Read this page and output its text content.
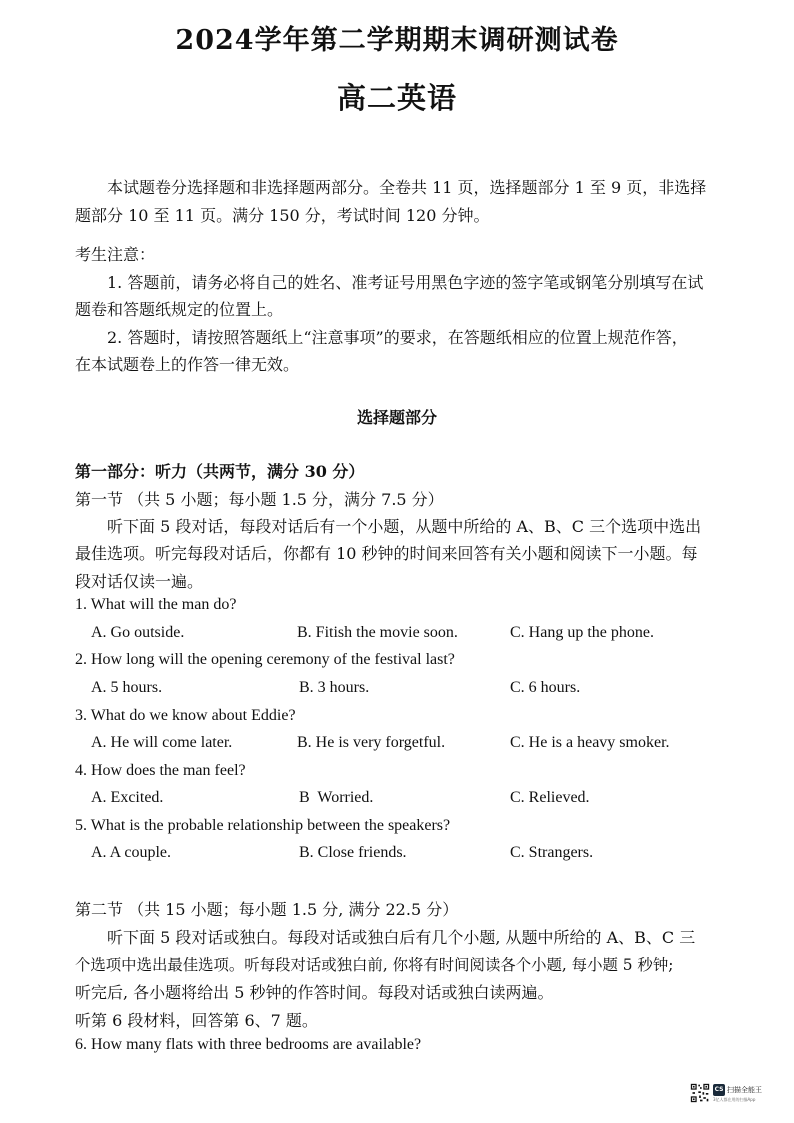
2024学年第二学期期末调研测试卷
高二英语
本试题卷分选择题和非选择题两部分。全卷共 11 页，选择题部分 1 至 9 页，非选择
题部分 10 至 11 页。满分 150 分，考试时间 120 分钟。
考生注意：
1. 答题前，请务必将自己的姓名、准考证号用黑色字迹的签字笔或钢笔分别填写在试
题卷和答题纸规定的位置上。
2. 答题时，请按照答题纸上“注意事项”的要求，在答题纸相应的位置上规范作答，
在本试题卷上的作答一律无效。
选择题部分
第一部分：听力（共两节，满分 30 分）
第一节 （共 5 小题；每小题 1.5 分，满分 7.5 分）
听下面 5 段对话，每段对话后有一个小题，从题中所给的 A、B、C 三个选项中选出
最佳选项。听完每段对话后，你都有 10 秒钟的时间来回答有关小题和阅读下一小题。每
段对话仅读一遍。
1. What will the man do?
A. Go outside.	B. Fitish the movie soon.	C. Hang up the phone.
2. How long will the opening ceremony of the festival last?
A. 5 hours.	B. 3 hours.	C. 6 hours.
3. What do we know about Eddie?
A. He will come later.	B. He is very forgetful.	C. He is a heavy smoker.
4. How does the man feel?
A. Excited.	B  Worried.	C. Relieved.
5. What is the probable relationship between the speakers?
A. A couple.	B. Close friends.	C. Strangers.
第二节 （共 15 小题；每小题 1.5 分, 满分 22.5 分）
听下面 5 段对话或独白。每段对话或独白后有几个小题, 从题中所给的 A、B、C 三
个选项中选出最佳选项。听每段对话或独白前, 你将有时间阅读各个小题, 每小题 5 秒钟;
听完后, 各小题将给出 5 秒钟的作答时间。每段对话或独白读两遍。
听第 6 段材料，回答第 6、7 题。
6. How many flats with three bedrooms are available?
CS 扫描全能王
3亿人都在用的扫描App
